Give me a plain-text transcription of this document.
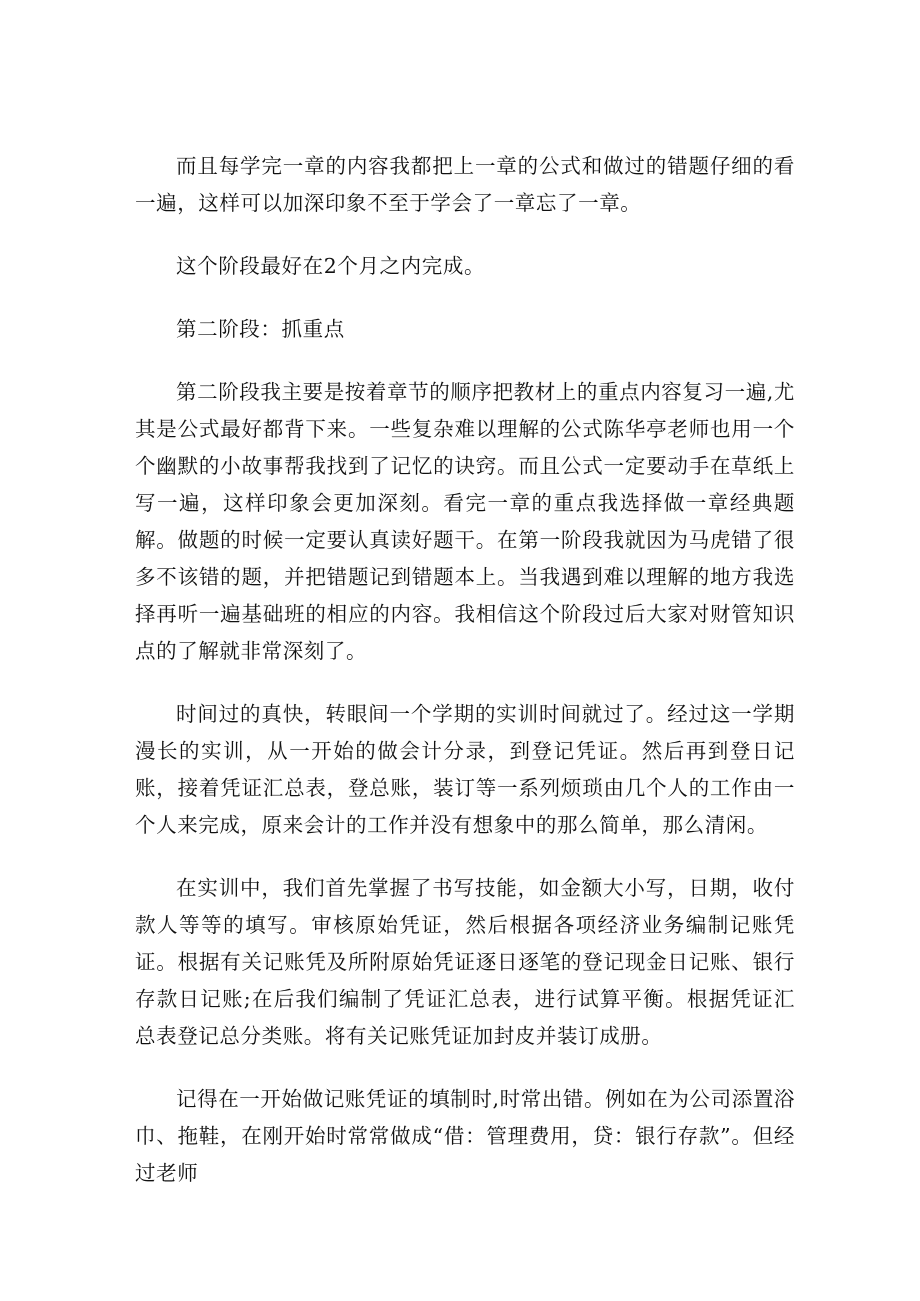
而且每学完一章的内容我都把上一章的公式和做过的错题仔细的看一遍，这样可以加深印象不至于学会了一章忘了一章。

这个阶段最好在2个月之内完成。

第二阶段：抓重点

第二阶段我主要是按着章节的顺序把教材上的重点内容复习一遍,尤其是公式最好都背下来。一些复杂难以理解的公式陈华亭老师也用一个个幽默的小故事帮我找到了记忆的诀窍。而且公式一定要动手在草纸上写一遍，这样印象会更加深刻。看完一章的重点我选择做一章经典题解。做题的时候一定要认真读好题干。在第一阶段我就因为马虎错了很多不该错的题，并把错题记到错题本上。当我遇到难以理解的地方我选择再听一遍基础班的相应的内容。我相信这个阶段过后大家对财管知识点的了解就非常深刻了。

时间过的真快，转眼间一个学期的实训时间就过了。经过这一学期漫长的实训，从一开始的做会计分录，到登记凭证。然后再到登日记账，接着凭证汇总表，登总账，装订等一系列烦琐由几个人的工作由一个人来完成，原来会计的工作并没有想象中的那么简单，那么清闲。

在实训中，我们首先掌握了书写技能，如金额大小写，日期，收付款人等等的填写。审核原始凭证，然后根据各项经济业务编制记账凭证。根据有关记账凭及所附原始凭证逐日逐笔的登记现金日记账、银行存款日记账;在后我们编制了凭证汇总表，进行试算平衡。根据凭证汇总表登记总分类账。将有关记账凭证加封皮并装订成册。

记得在一开始做记账凭证的填制时,时常出错。例如在为公司添置浴巾、拖鞋，在刚开始时常常做成“借：管理费用，贷：银行存款”。但经过老师
